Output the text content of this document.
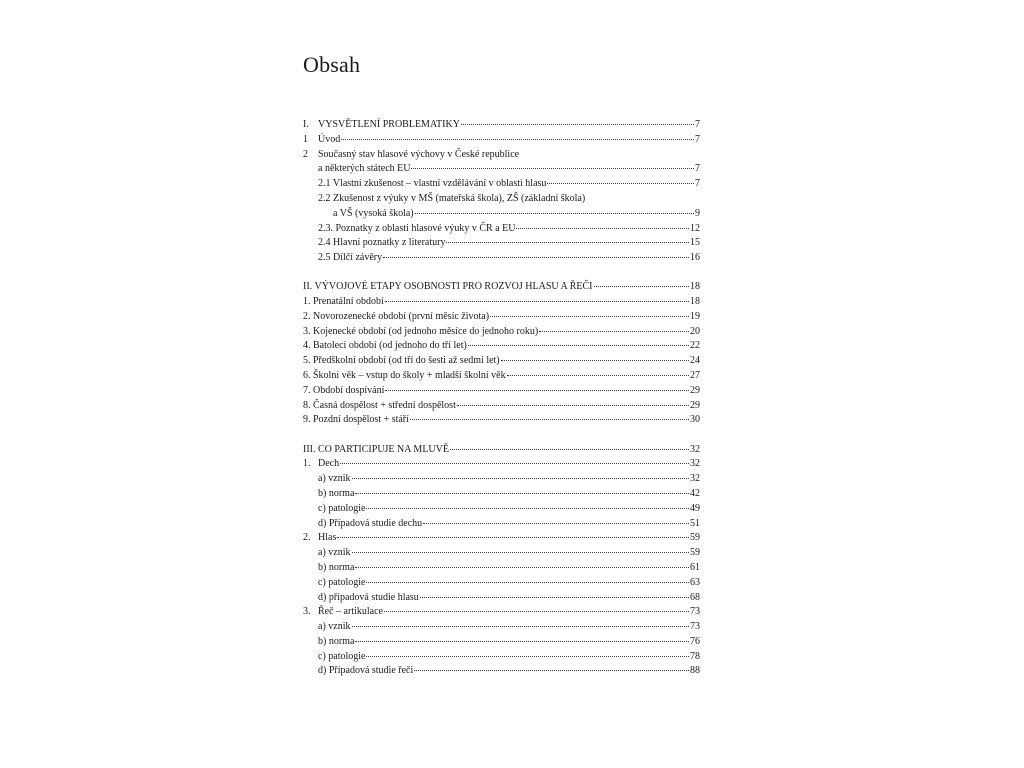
Obsah
I. VYSVĚTLENÍ PROBLEMATIKY	7
1	Úvod	7
2	Současný stav hlasové výchovy v České republice
a některých státech EU	7
2.1 Vlastní zkušenost – vlastní vzdělávání v oblasti hlasu	7
2.2 Zkušenost z výuky v MŠ (mateřská škola), ZŠ (základní škola)
a VŠ (vysoká škola)	9
2.3. Poznatky z oblasti hlasové výuky v ČR a EU	12
2.4 Hlavní poznatky z literatury	15
2.5 Dílčí závěry	16
II. VÝVOJOVÉ ETAPY OSOBNOSTI PRO ROZVOJ HLASU A ŘEČI	18
1. Prenatální období	18
2. Novorozenecké období (první měsíc života)	19
3. Kojenecké období (od jednoho měsíce do jednoho roku)	20
4. Batolecí období (od jednoho do tří let)	22
5. Předškolní období (od tří do šesti až sedmi let)	24
6. Školní věk – vstup do školy + mladší školní věk	27
7. Období dospívání	29
8. Časná dospělost + střední dospělost	29
9. Pozdní dospělost + stáří	30
III. CO PARTICIPUJE NA MLUVĚ	32
1. Dech	32
a) vznik	32
b) norma	42
c) patologie	49
d) Případová studie dechu	51
2. Hlas	59
a) vznik	59
b) norma	61
c) patologie	63
d) případová studie hlasu	68
3. Řeč – artikulace	73
a) vznik	73
b) norma	76
c) patologie	78
d) Případová studie řeči	88
